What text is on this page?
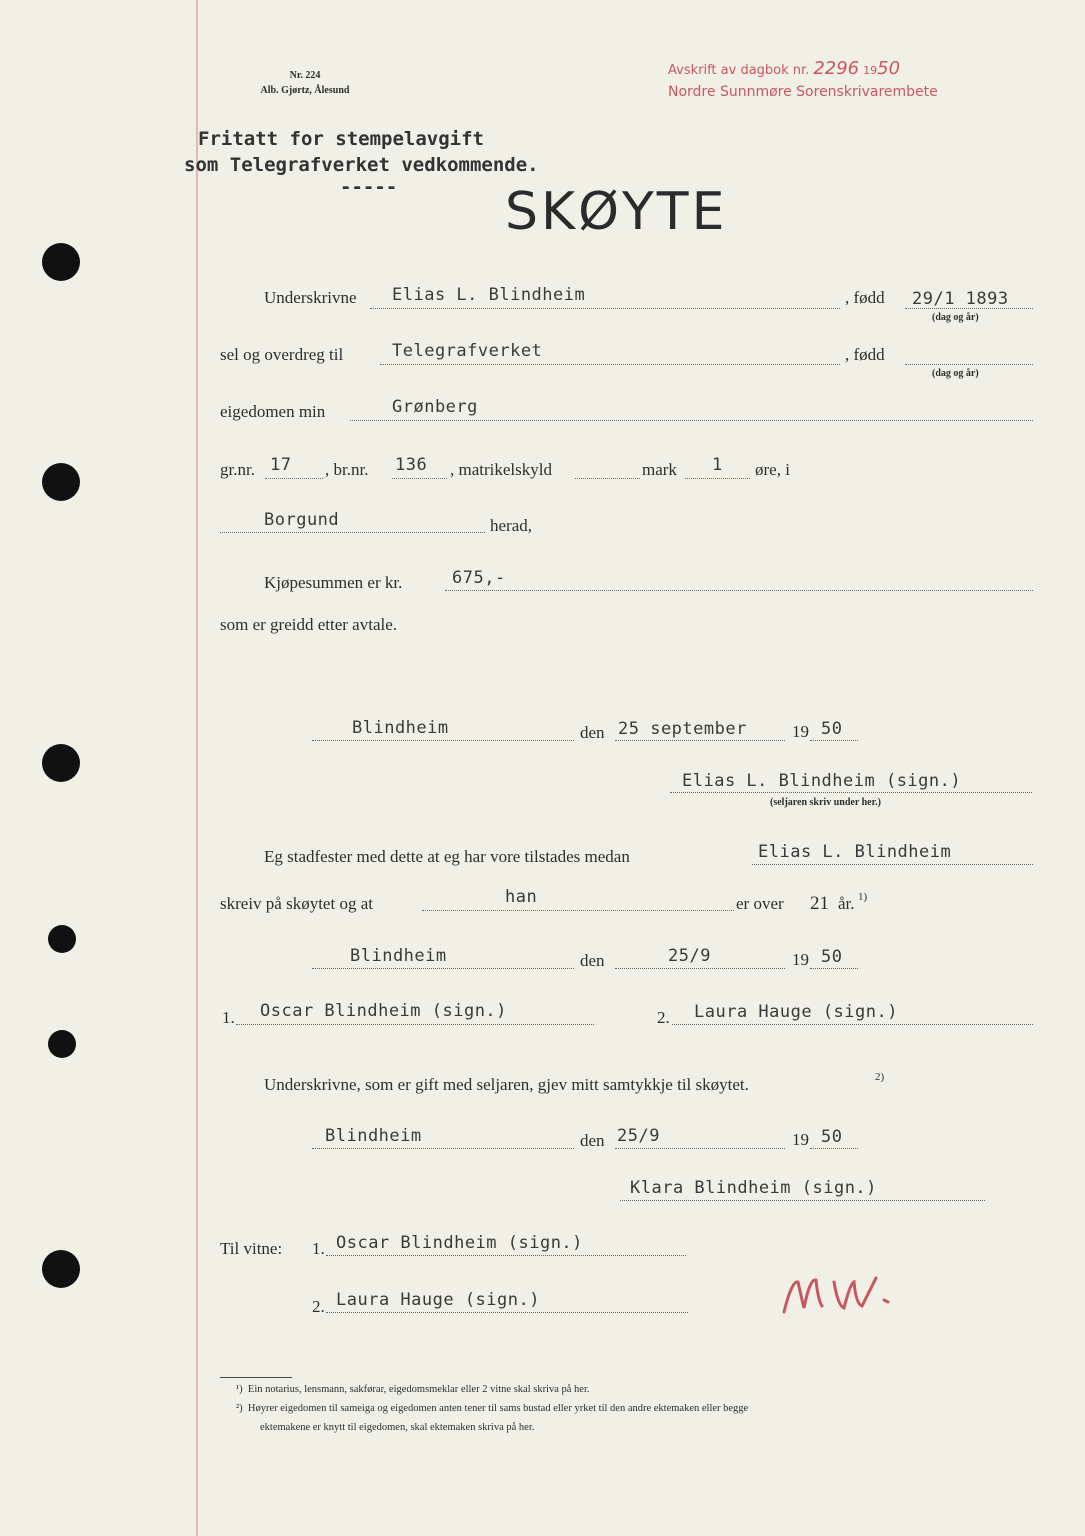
Nr. 224
Alb. Gjørtz, Ålesund
Avskrift av dagbok nr. 2296 1950
Nordre Sunnmøre Sorenskrivarembete
Fritatt for stempelavgift
som Telegrafverket vedkommende.
----- SKØYTE
Underskrivne Elias L. Blindheim	, fødd 29/1 1893
(dag og år)
sel og overdreg til	Telegrafverket	, fødd
(dag og år)
eigedomen min	Grønberg
gr.nr. 17 , br.nr. 136 , matrikelskyld	mark 1 øre, i
Borgund	herad,
Kjøpesummen er kr.	675,-
som er greidd etter avtale.
Blindheim	den 25 september	19 50
Elias L. Blindheim (sign.)
(seljaren skriv under her.)
Eg stadfester med dette at eg har vore tilstades medan	Elias L. Blindheim
skreiv på skøytet og at	han	er over 21 år. 1)
Blindheim	den	25/9	19 50
1. Oscar Blindheim (sign.)	2. Laura Hauge (sign.)
Underskrivne, som er gift med seljaren, gjev mitt samtykkje til skøytet.	2)
Blindheim	den 25/9	19 50
Klara Blindheim (sign.)
Til vitne: 1. Oscar Blindheim (sign.)
2. Laura Hauge (sign.)
¹) Ein notarius, lensmann, sakførar, eigedomsmeklar eller 2 vitne skal skriva på her.
²) Høyrer eigedomen til sameiga og eigedomen anten tener til sams bustad eller yrket til den andre ektemaken eller begge
ektemakene er knytt til eigedomen, skal ektemaken skriva på her.
